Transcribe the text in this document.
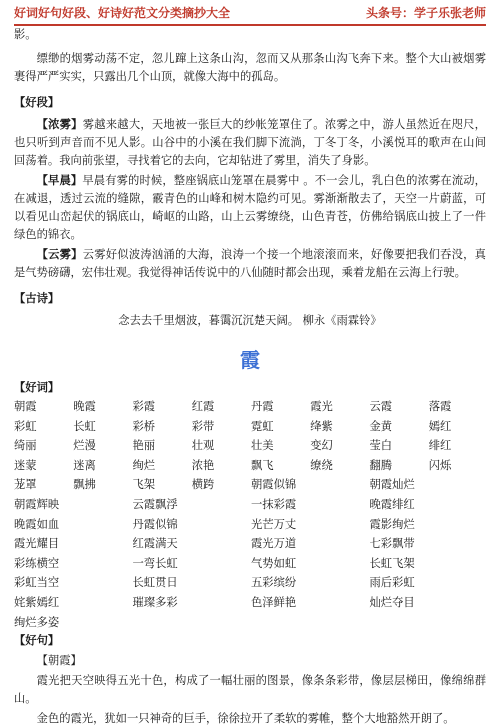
好词好句好段、好诗好范文分类摘抄大全	头条号：学子乐张老师

影。

缥缈的烟雾动荡不定，忽儿蹿上这条山沟，忽而又从那条山沟飞奔下来。整个大山被烟雾裹得严严实实，只露出几个山顶，就像大海中的孤岛。

【好段】

【浓雾】雾越来越大，天地被一张巨大的纱帐笼罩住了。浓雾之中，游人虽然近在咫尺，也只听到声音而不见人影。山谷中的小溪在我们脚下流淌，丁冬丁冬，小溪悦耳的歌声在山间回荡着。我向前张望，寻找着它的去向，它却钻进了雾里，消失了身影。

【早晨】早晨有雾的时候，整座锅底山笼罩在晨雾中 。不一会儿，乳白色的浓雾在流动，在减退，透过云流的缝隙，霰青色的山峰和树木隐约可见。雾渐渐散去了，天空一片蔚蓝，可以看见山峦起伏的锅底山，崎岖的山路，山上云雾缭绕，山色青苍，仿佛给锅底山披上了一件绿色的锦衣。

【云雾】云雾好似波涛汹涌的大海，浪涛一个接一个地滚滚而来，好像要把我们吞没，真是气势磅礴，宏伟壮观。我觉得神话传说中的八仙随时都会出现，乘着龙船在云海上行驶。

【古诗】

念去去千里烟波，暮霭沉沉楚天阔。 柳永《雨霖铃》

霞

【好词】

朝霞	晚霞	彩霞	红霞	丹霞	霞光	云霞	落霞
彩虹	长虹	彩桥	彩带	霓虹	绛紫	金黄	嫣红
绮丽	烂漫	艳丽	壮观	壮美	变幻	莹白	绯红
迷蒙	迷离	绚烂	浓艳	飘飞	缭绕	翻腾	闪烁
茏罩	飘拂	飞架	横跨	朝霞似锦	朝霞灿烂
朝霞辉映	云霞飘浮	一抹彩霞	晚霞绯红
晚霞如血	丹霞似锦	光芒万丈	霞影绚烂
霞光耀目	红霞满天	霞光万道	七彩飘带
彩练横空	一弯长虹	气势如虹	长虹飞架
彩虹当空	长虹贯日	五彩缤纷	雨后彩虹
姹紫嫣红	璀璨多彩	色泽鲜艳	灿烂夺目
绚烂多姿

【好句】

【朝霞】

霞光把天空映得五光十色，构成了一幅壮丽的图景，像条条彩带，像层层梯田，像绵绵群山。

金色的霞光，犹如一只神奇的巨手，徐徐拉开了柔软的雾帷，整个大地豁然开朗了。
